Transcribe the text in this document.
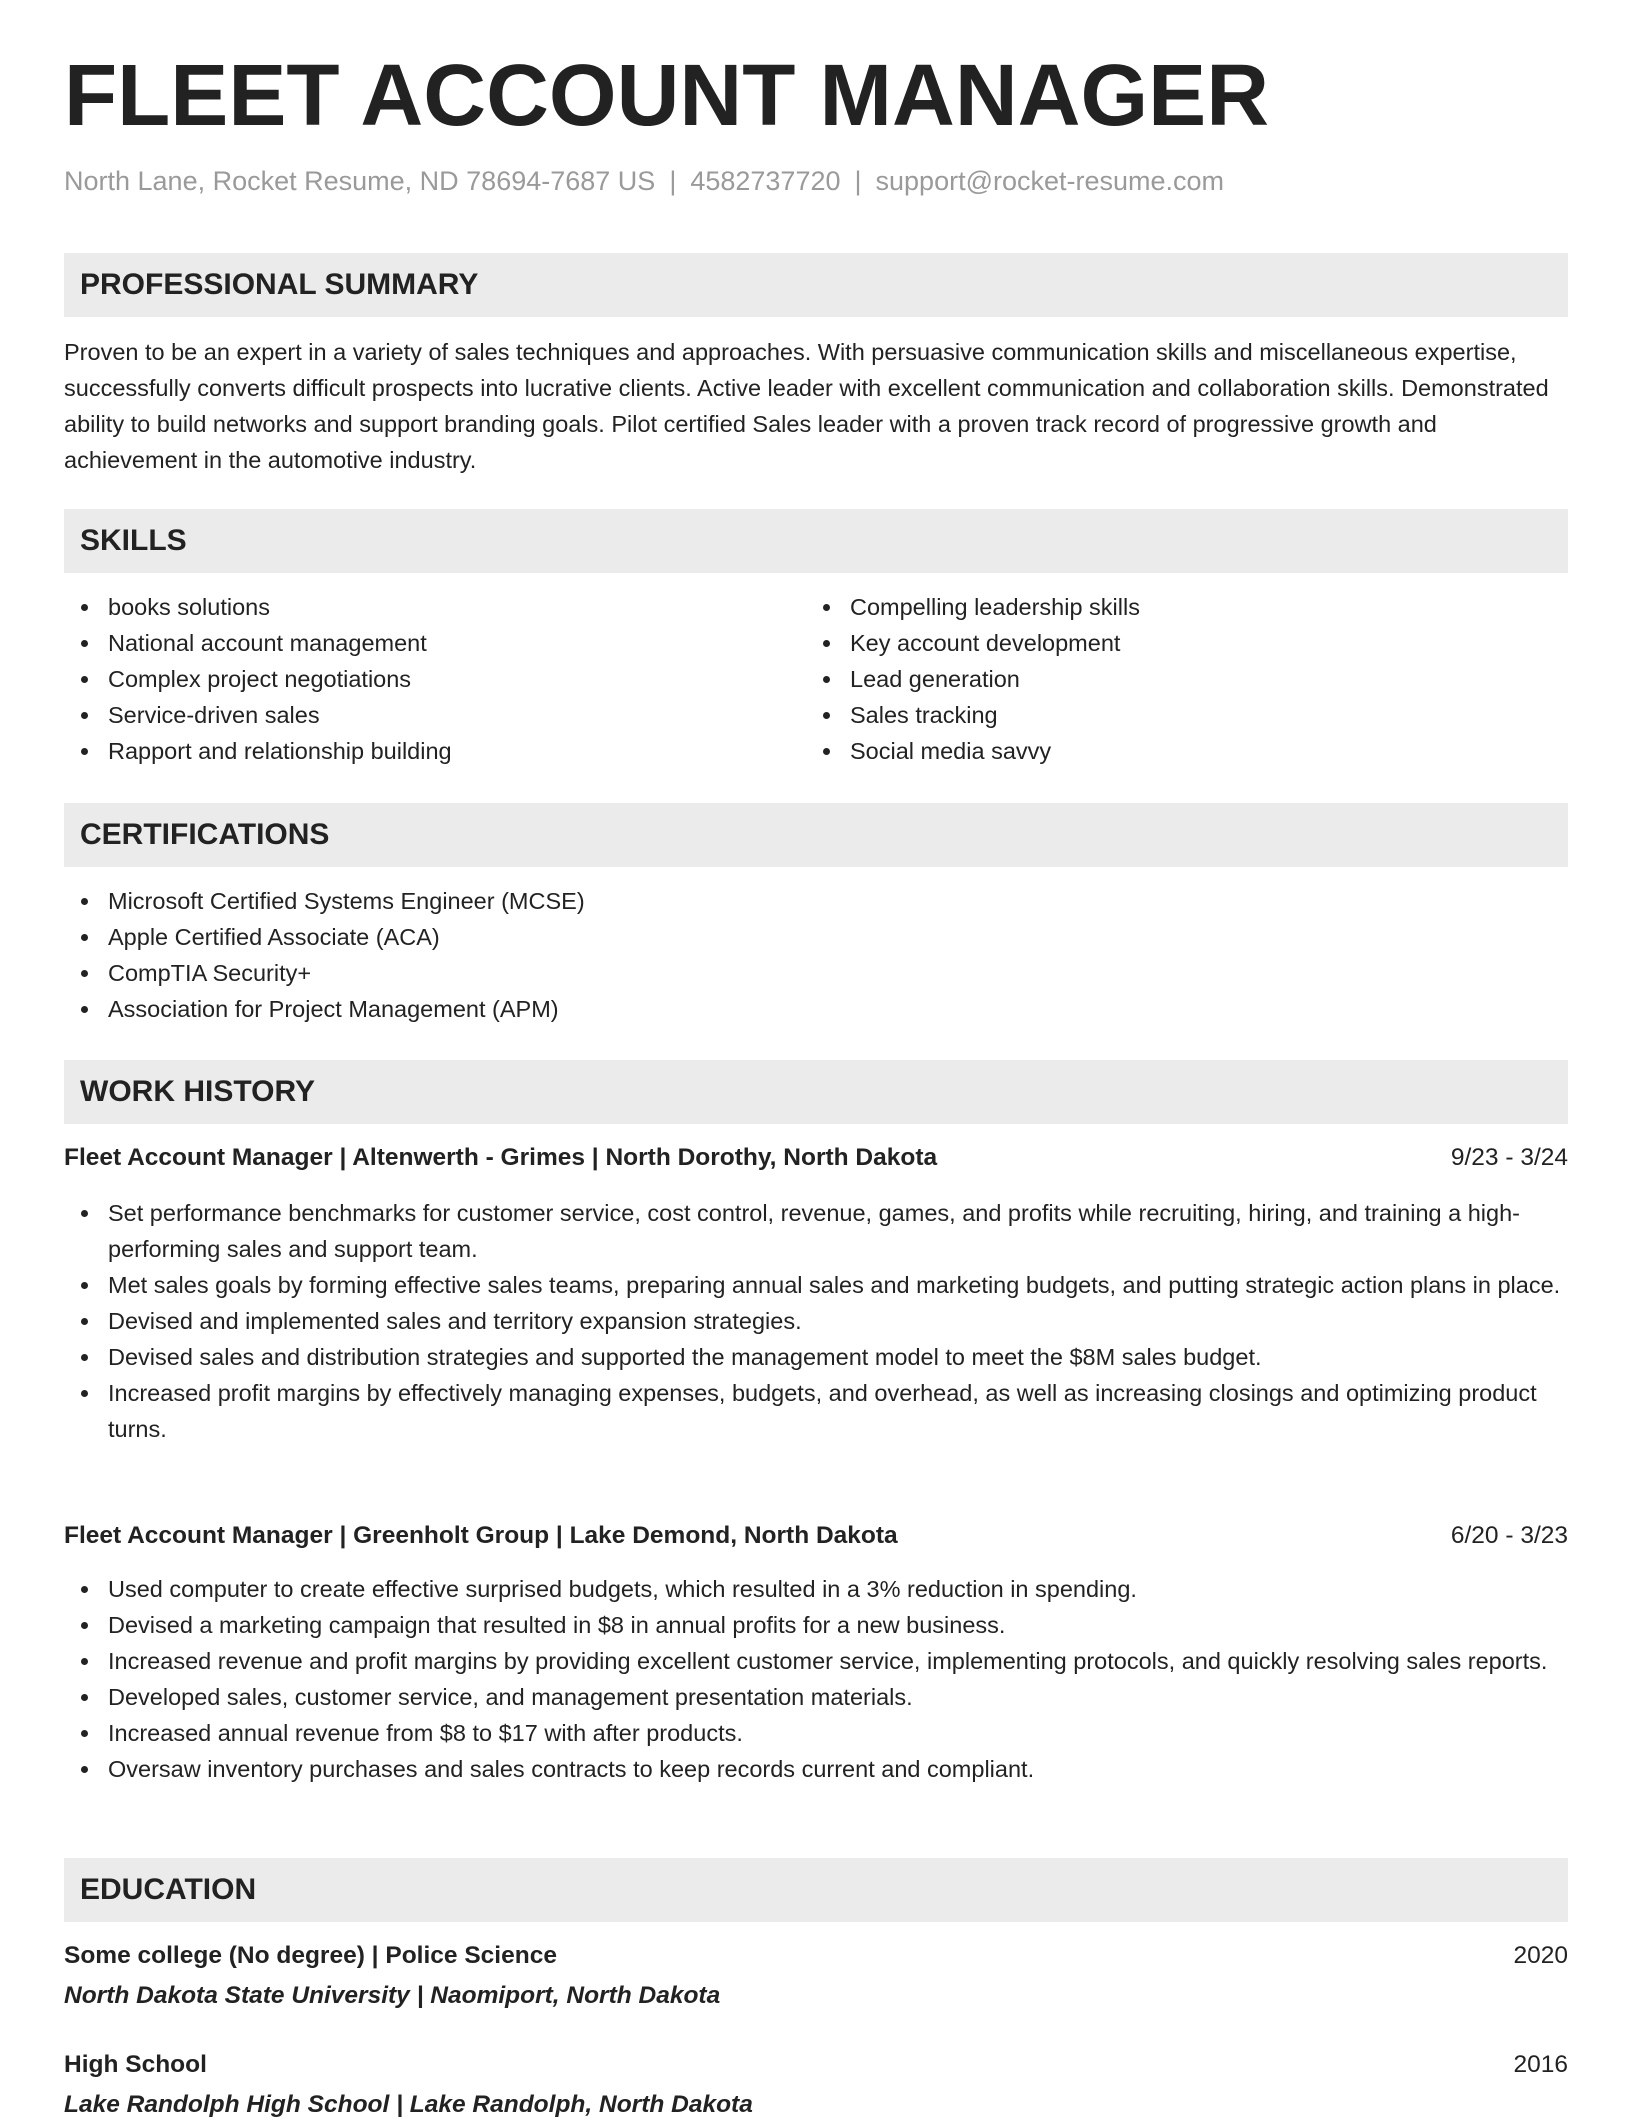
FLEET ACCOUNT MANAGER
North Lane, Rocket Resume, ND 78694-7687 US | 4582737720 | support@rocket-resume.com
PROFESSIONAL SUMMARY

Proven to be an expert in a variety of sales techniques and approaches. With persuasive communication skills and miscellaneous expertise, successfully converts difficult prospects into lucrative clients. Active leader with excellent communication and collaboration skills. Demonstrated ability to build networks and support branding goals. Pilot certified Sales leader with a proven track record of progressive growth and achievement in the automotive industry.

SKILLS
books solutions
National account management
Complex project negotiations
Service-driven sales
Rapport and relationship building
Compelling leadership skills
Key account development
Lead generation
Sales tracking
Social media savvy
CERTIFICATIONS
Microsoft Certified Systems Engineer (MCSE)
Apple Certified Associate (ACA)
CompTIA Security+
Association for Project Management (APM)
WORK HISTORY
Fleet Account Manager | Altenwerth - Grimes | North Dorothy, North Dakota	9/23 - 3/24
Set performance benchmarks for customer service, cost control, revenue, games, and profits while recruiting, hiring, and training a high-performing sales and support team.
Met sales goals by forming effective sales teams, preparing annual sales and marketing budgets, and putting strategic action plans in place.
Devised and implemented sales and territory expansion strategies.
Devised sales and distribution strategies and supported the management model to meet the $8M sales budget.
Increased profit margins by effectively managing expenses, budgets, and overhead, as well as increasing closings and optimizing product turns.
Fleet Account Manager | Greenholt Group | Lake Demond, North Dakota	6/20 - 3/23
Used computer to create effective surprised budgets, which resulted in a 3% reduction in spending.
Devised a marketing campaign that resulted in $8 in annual profits for a new business.
Increased revenue and profit margins by providing excellent customer service, implementing protocols, and quickly resolving sales reports.
Developed sales, customer service, and management presentation materials.
Increased annual revenue from $8 to $17 with after products.
Oversaw inventory purchases and sales contracts to keep records current and compliant.
EDUCATION
Some college (No degree) | Police Science	2020
North Dakota State University | Naomiport, North Dakota
High School	2016
Lake Randolph High School | Lake Randolph, North Dakota
